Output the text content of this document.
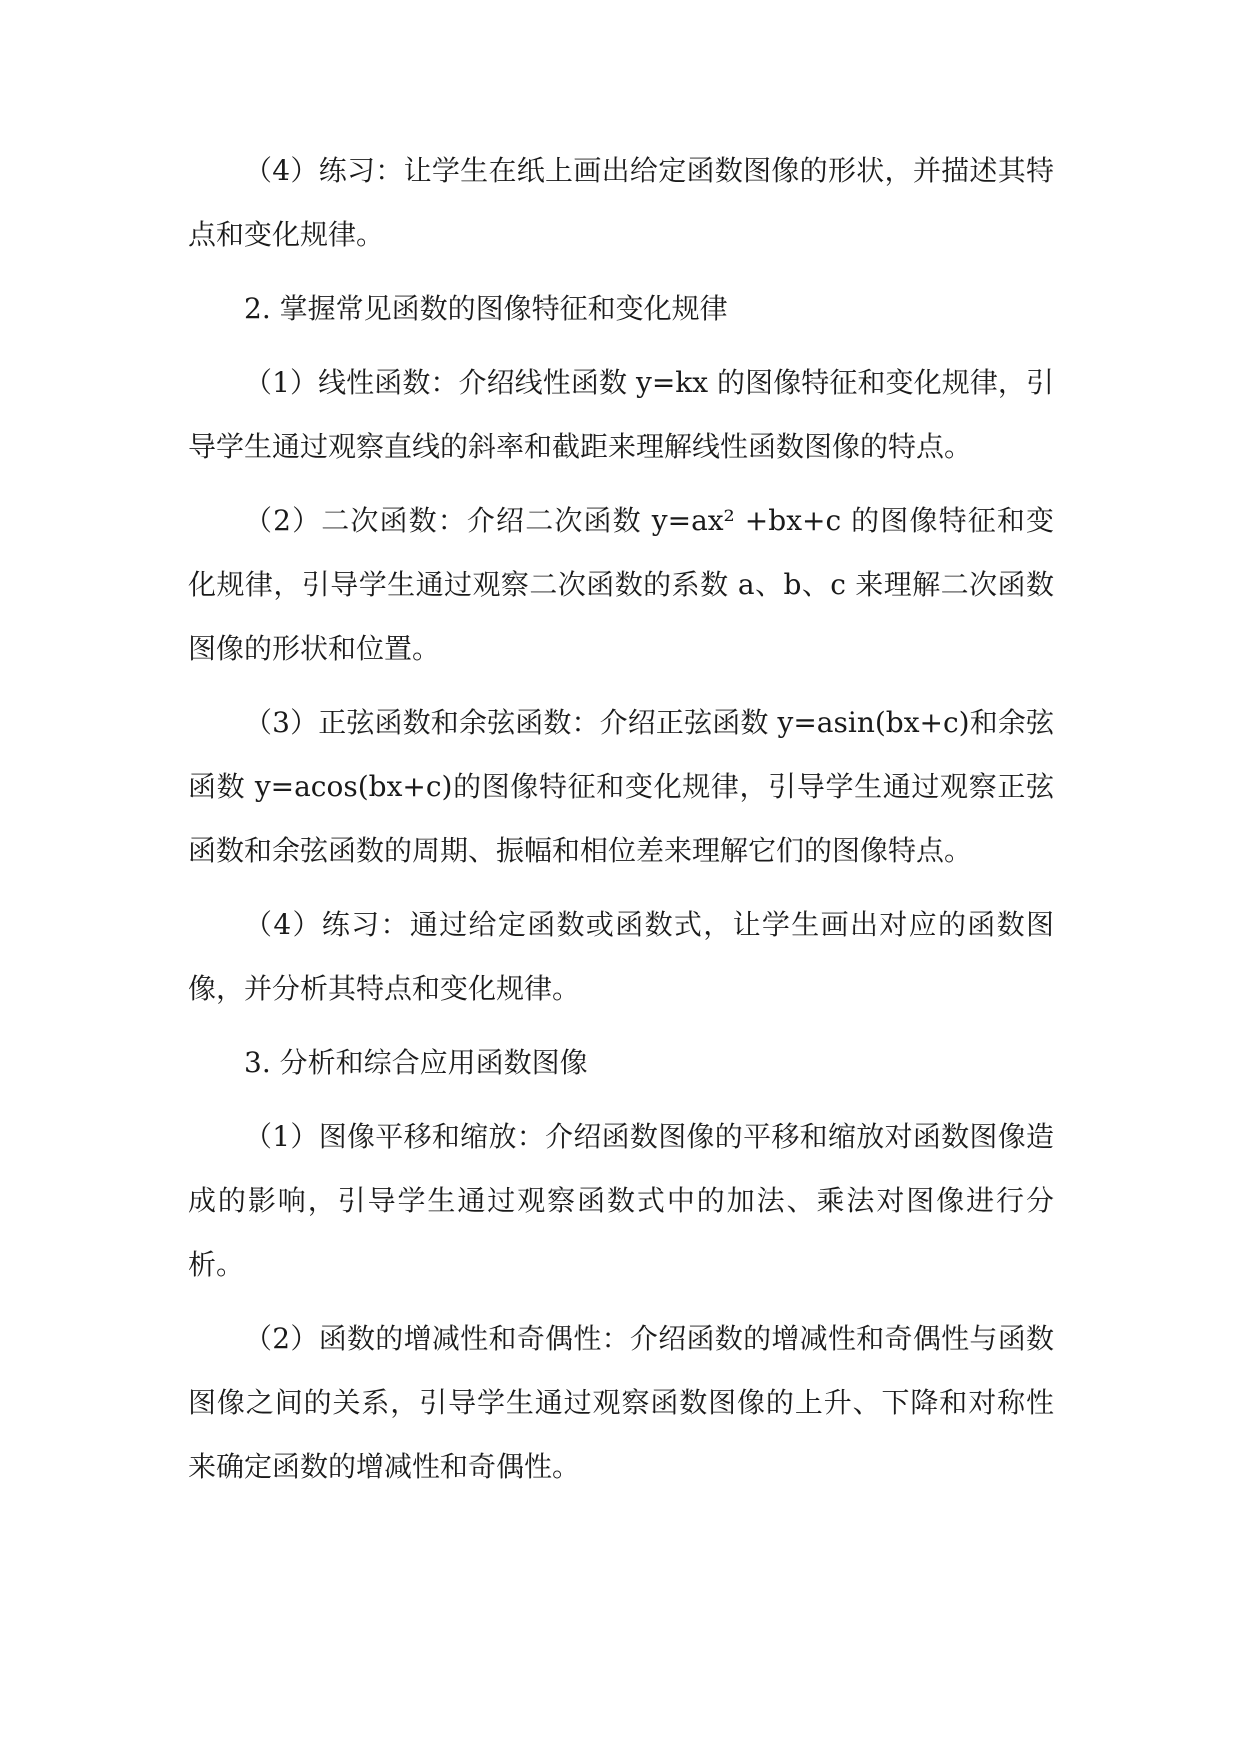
（4）练习：让学生在纸上画出给定函数图像的形状，并描述其特点和变化规律。

2. 掌握常见函数的图像特征和变化规律

（1）线性函数：介绍线性函数 y=kx 的图像特征和变化规律，引导学生通过观察直线的斜率和截距来理解线性函数图像的特点。

（2）二次函数：介绍二次函数 y=ax² +bx+c 的图像特征和变化规律，引导学生通过观察二次函数的系数 a、b、c 来理解二次函数图像的形状和位置。

（3）正弦函数和余弦函数：介绍正弦函数 y=asin(bx+c)和余弦函数 y=acos(bx+c)的图像特征和变化规律，引导学生通过观察正弦函数和余弦函数的周期、振幅和相位差来理解它们的图像特点。

（4）练习：通过给定函数或函数式，让学生画出对应的函数图像，并分析其特点和变化规律。

3. 分析和综合应用函数图像

（1）图像平移和缩放：介绍函数图像的平移和缩放对函数图像造成的影响，引导学生通过观察函数式中的加法、乘法对图像进行分析。

（2）函数的增减性和奇偶性：介绍函数的增减性和奇偶性与函数图像之间的关系，引导学生通过观察函数图像的上升、下降和对称性来确定函数的增减性和奇偶性。
